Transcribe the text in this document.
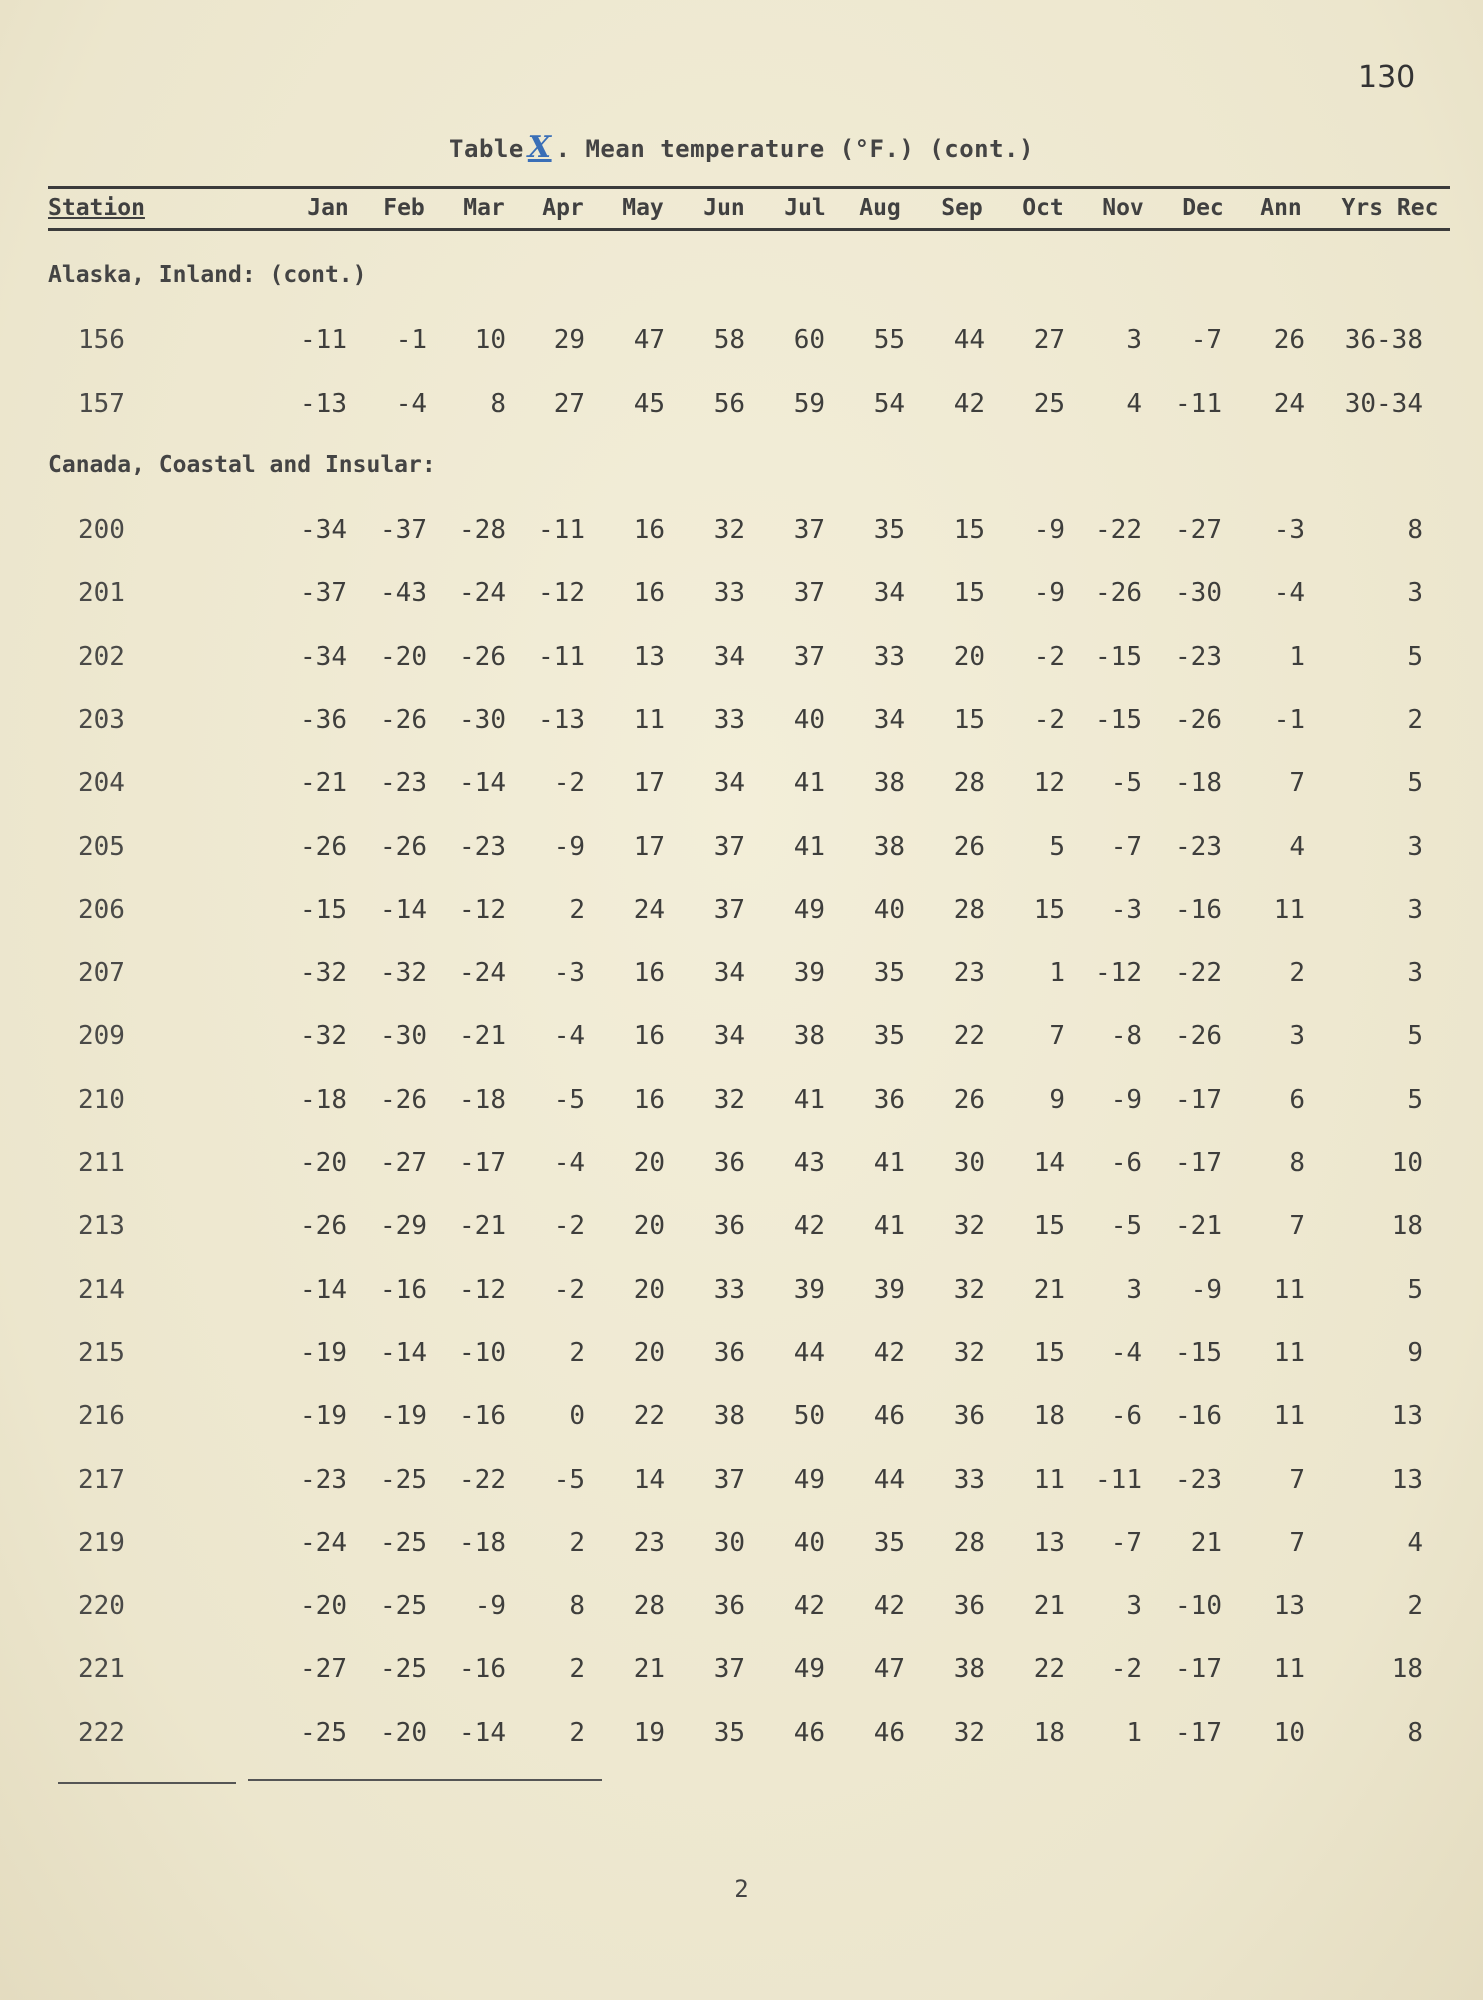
130
Table X . Mean temperature (°F.) (cont.)
Station	Jan	Feb	Mar	Apr	May	Jun	Jul	Aug	Sep	Oct	Nov	Dec	Ann	Yrs Rec
Alaska, Inland: (cont.)
156	-11	-1	10	29	47	58	60	55	44	27	3	-7	26	36-38
157	-13	-4	8	27	45	56	59	54	42	25	4	-11	24	30-34
Canada, Coastal and Insular:
200	-34	-37	-28	-11	16	32	37	35	15	-9	-22	-27	-3	8
201	-37	-43	-24	-12	16	33	37	34	15	-9	-26	-30	-4	3
202	-34	-20	-26	-11	13	34	37	33	20	-2	-15	-23	1	5
203	-36	-26	-30	-13	11	33	40	34	15	-2	-15	-26	-1	2
204	-21	-23	-14	-2	17	34	41	38	28	12	-5	-18	7	5
205	-26	-26	-23	-9	17	37	41	38	26	5	-7	-23	4	3
206	-15	-14	-12	2	24	37	49	40	28	15	-3	-16	11	3
207	-32	-32	-24	-3	16	34	39	35	23	1	-12	-22	2	3
209	-32	-30	-21	-4	16	34	38	35	22	7	-8	-26	3	5
210	-18	-26	-18	-5	16	32	41	36	26	9	-9	-17	6	5
211	-20	-27	-17	-4	20	36	43	41	30	14	-6	-17	8	10
213	-26	-29	-21	-2	20	36	42	41	32	15	-5	-21	7	18
214	-14	-16	-12	-2	20	33	39	39	32	21	3	-9	11	5
215	-19	-14	-10	2	20	36	44	42	32	15	-4	-15	11	9
216	-19	-19	-16	0	22	38	50	46	36	18	-6	-16	11	13
217	-23	-25	-22	-5	14	37	49	44	33	11	-11	-23	7	13
219	-24	-25	-18	2	23	30	40	35	28	13	-7	21	7	4
220	-20	-25	-9	8	28	36	42	42	36	21	3	-10	13	2
221	-27	-25	-16	2	21	37	49	47	38	22	-2	-17	11	18
222	-25	-20	-14	2	19	35	46	46	32	18	1	-17	10	8
2
